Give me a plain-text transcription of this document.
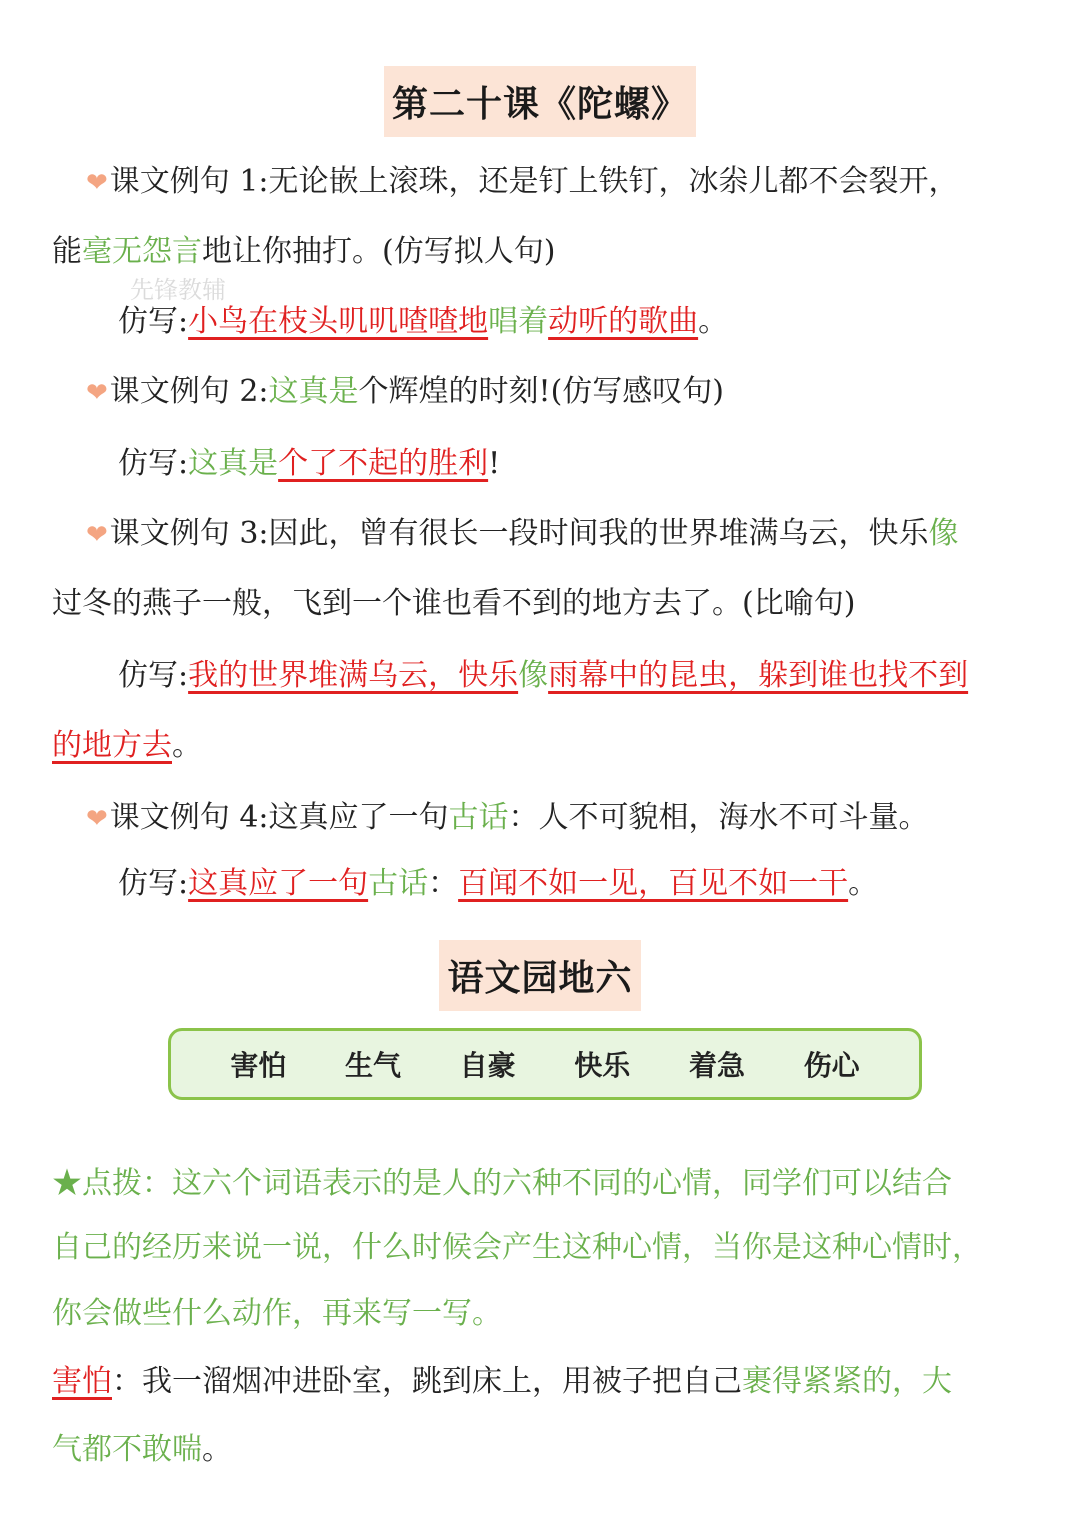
第二十课《陀螺》
❤课文例句 1:无论嵌上滚珠，还是钉上铁钉，冰尜儿都不会裂开，
能毫无怨言地让你抽打。(仿写拟人句)
先锋教辅
仿写:小鸟在枝头叽叽喳喳地唱着动听的歌曲。
❤课文例句 2:这真是个辉煌的时刻!(仿写感叹句)
仿写:这真是个了不起的胜利!
❤课文例句 3:因此，曾有很长一段时间我的世界堆满乌云，快乐像
过冬的燕子一般，飞到一个谁也看不到的地方去了。(比喻句)
仿写:我的世界堆满乌云，快乐像雨幕中的昆虫，躲到谁也找不到
的地方去。
❤课文例句 4:这真应了一句古话：人不可貌相，海水不可斗量。
仿写:这真应了一句古话：百闻不如一见，百见不如一干。
语文园地六
害怕 生气 自豪 快乐 着急 伤心
★点拨：这六个词语表示的是人的六种不同的心情，同学们可以结合
自己的经历来说一说，什么时候会产生这种心情，当你是这种心情时，
你会做些什么动作，再来写一写。
害怕：我一溜烟冲进卧室，跳到床上，用被子把自己裹得紧紧的，大
气都不敢喘。
